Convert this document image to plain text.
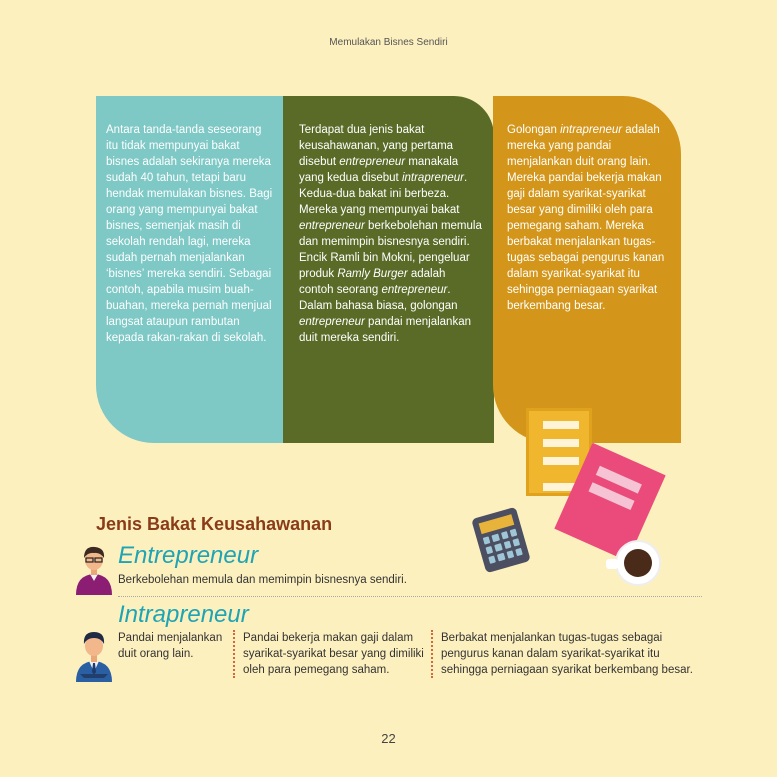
Memulakan Bisnes Sendiri
Antara tanda-tanda seseorang itu tidak mempunyai bakat bisnes adalah sekiranya mereka sudah 40 tahun, tetapi baru hendak memulakan bisnes. Bagi orang yang mempunyai bakat bisnes, semenjak masih di sekolah rendah lagi, mereka sudah pernah menjalankan ‘bisnes’ mereka sendiri. Sebagai contoh, apabila musim buah-buahan, mereka pernah menjual langsat ataupun rambutan kepada rakan-rakan di sekolah.
Terdapat dua jenis bakat keusahawanan, yang pertama disebut entrepreneur manakala yang kedua disebut intrapreneur. Kedua-dua bakat ini berbeza. Mereka yang mempunyai bakat entrepreneur berkebolehan memula dan memimpin bisnesnya sendiri. Encik Ramli bin Mokni, pengeluar produk Ramly Burger adalah contoh seorang entrepreneur. Dalam bahasa biasa, golongan entrepreneur pandai menjalankan duit mereka sendiri.
Golongan intrapreneur adalah mereka yang pandai menjalankan duit orang lain. Mereka pandai bekerja makan gaji dalam syarikat-syarikat besar yang dimiliki oleh para pemegang saham. Mereka berbakat menjalankan tugas-tugas sebagai pengurus kanan dalam syarikat-syarikat itu sehingga perniagaan syarikat berkembang besar.
Jenis Bakat Keusahawanan
Entrepreneur
Berkebolehan memula dan memimpin bisnesnya sendiri.
Intrapreneur
Pandai menjalankan duit orang lain.
Pandai bekerja makan gaji dalam syarikat-syarikat besar yang dimiliki oleh para pemegang saham.
Berbakat menjalankan tugas-tugas sebagai pengurus kanan dalam syarikat-syarikat itu sehingga perniagaan syarikat berkembang besar.
22
